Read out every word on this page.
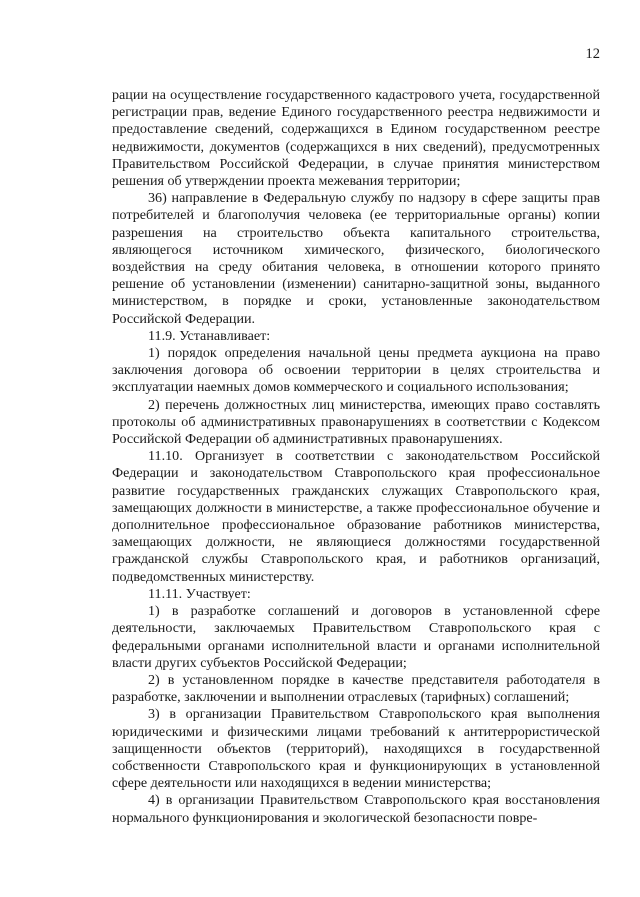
12

рации на осуществление государственного кадастрового учета, государственной регистрации прав, ведение Единого государственного реестра недвижимости и предоставление сведений, содержащихся в Едином государственном реестре недвижимости, документов (содержащихся в них сведений), предусмотренных Правительством Российской Федерации, в случае принятия министерством решения об утверждении проекта межевания территории;

36) направление в Федеральную службу по надзору в сфере защиты прав потребителей и благополучия человека (ее территориальные органы) копии разрешения на строительство объекта капитального строительства, являющегося источником химического, физического, биологического воздействия на среду обитания человека, в отношении которого принято решение об установлении (изменении) санитарно-защитной зоны, выданного министерством, в порядке и сроки, установленные законодательством Российской Федерации.

11.9. Устанавливает:

1) порядок определения начальной цены предмета аукциона на право заключения договора об освоении территории в целях строительства и эксплуатации наемных домов коммерческого и социального использования;

2) перечень должностных лиц министерства, имеющих право составлять протоколы об административных правонарушениях в соответствии с Кодексом Российской Федерации об административных правонарушениях.

11.10. Организует в соответствии с законодательством Российской Федерации и законодательством Ставропольского края профессиональное развитие государственных гражданских служащих Ставропольского края, замещающих должности в министерстве, а также профессиональное обучение и дополнительное профессиональное образование работников министерства, замещающих должности, не являющиеся должностями государственной гражданской службы Ставропольского края, и работников организаций, подведомственных министерству.

11.11. Участвует:

1) в разработке соглашений и договоров в установленной сфере деятельности, заключаемых Правительством Ставропольского края с федеральными органами исполнительной власти и органами исполнительной власти других субъектов Российской Федерации;

2) в установленном порядке в качестве представителя работодателя в разработке, заключении и выполнении отраслевых (тарифных) соглашений;

3) в организации Правительством Ставропольского края выполнения юридическими и физическими лицами требований к антитеррористической защищенности объектов (территорий), находящихся в государственной собственности Ставропольского края и функционирующих в установленной сфере деятельности или находящихся в ведении министерства;

4) в организации Правительством Ставропольского края восстановления нормального функционирования и экологической безопасности повре-
